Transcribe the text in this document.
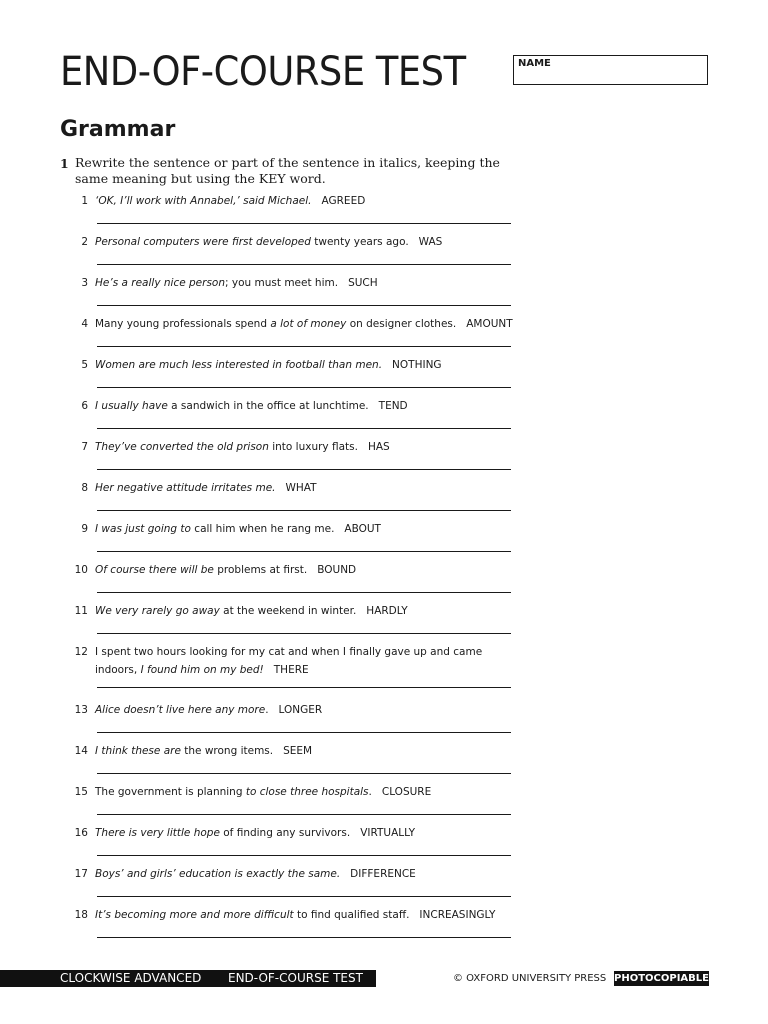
END-OF-COURSE TEST	NAME
Grammar
1 Rewrite the sentence or part of the sentence in italics, keeping the same meaning but using the KEY word.
1 ‘OK, I’ll work with Annabel,’ said Michael. AGREED
2 Personal computers were first developed twenty years ago. WAS
3 He’s a really nice person; you must meet him. SUCH
4 Many young professionals spend a lot of money on designer clothes. AMOUNT
5 Women are much less interested in football than men. NOTHING
6 I usually have a sandwich in the office at lunchtime. TEND
7 They’ve converted the old prison into luxury flats. HAS
8 Her negative attitude irritates me. WHAT
9 I was just going to call him when he rang me. ABOUT
10 Of course there will be problems at first. BOUND
11 We very rarely go away at the weekend in winter. HARDLY
12 I spent two hours looking for my cat and when I finally gave up and came indoors, I found him on my bed! THERE
13 Alice doesn’t live here any more. LONGER
14 I think these are the wrong items. SEEM
15 The government is planning to close three hospitals. CLOSURE
16 There is very little hope of finding any survivors. VIRTUALLY
17 Boys’ and girls’ education is exactly the same. DIFFERENCE
18 It’s becoming more and more difficult to find qualified staff. INCREASINGLY
CLOCKWISE ADVANCED END-OF-COURSE TEST	© OXFORD UNIVERSITY PRESS PHOTOCOPIABLE
